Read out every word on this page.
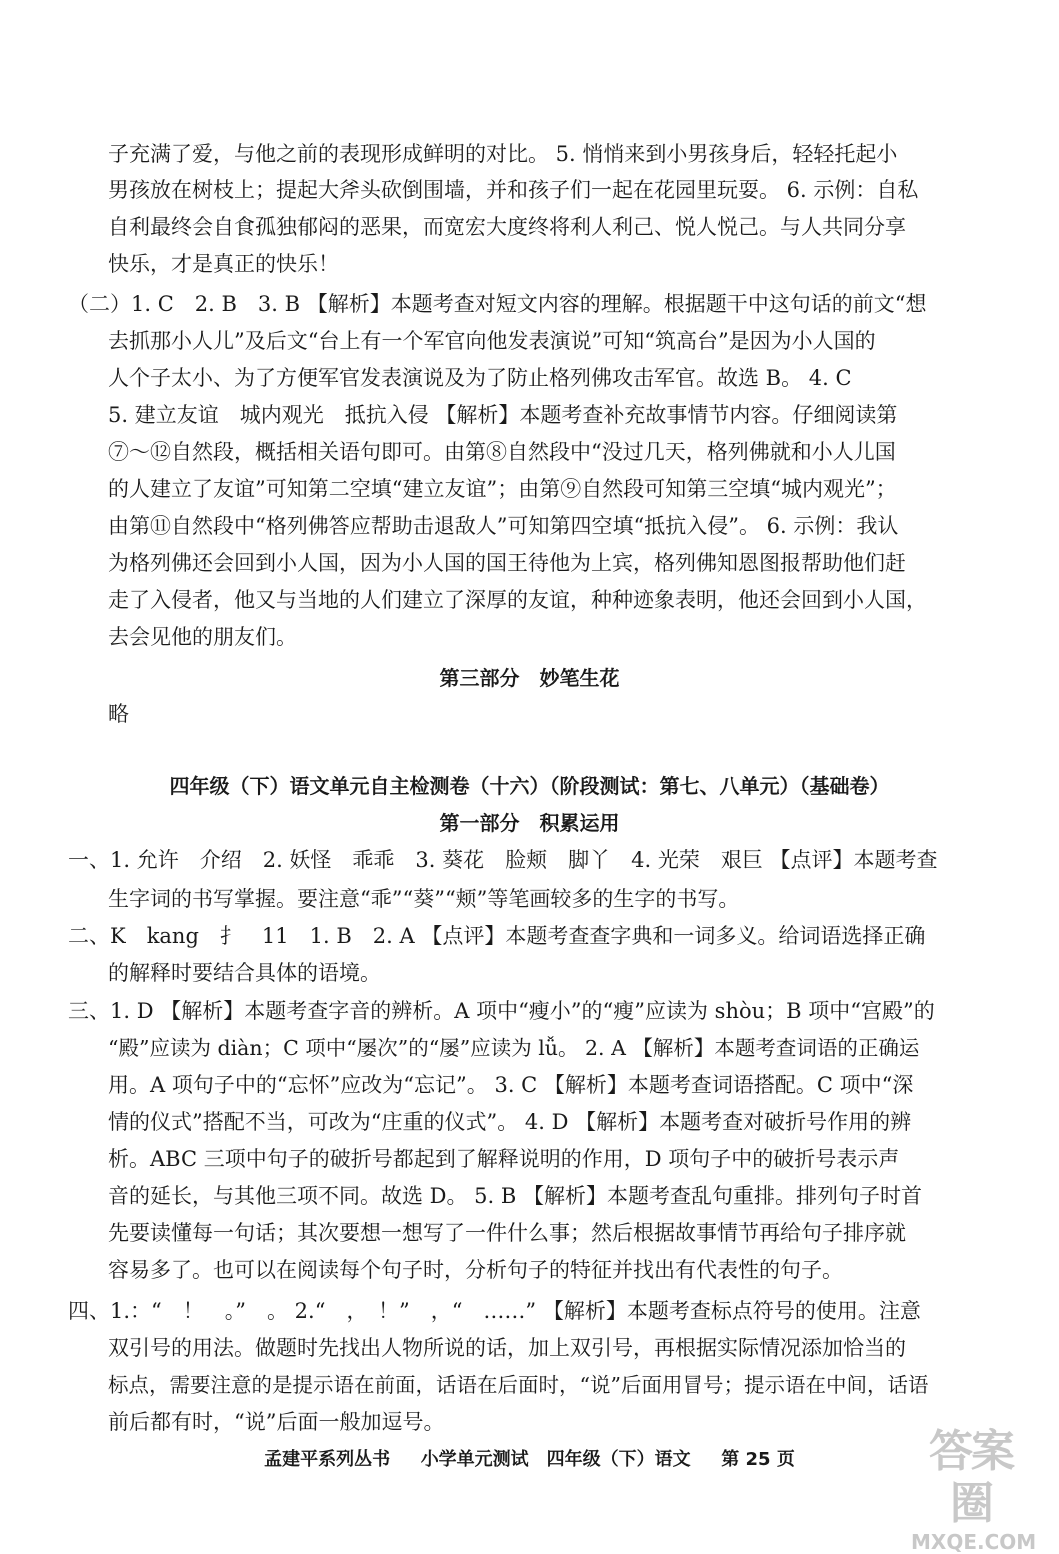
子充满了爱，与他之前的表现形成鲜明的对比。 5. 悄悄来到小男孩身后，轻轻托起小
男孩放在树枝上；提起大斧头砍倒围墙，并和孩子们一起在花园里玩耍。 6. 示例：自私
自利最终会自食孤独郁闷的恶果，而宽宏大度终将利人利己、悦人悦己。与人共同分享
快乐，才是真正的快乐！
（二）1. C　2. B　3. B 【解析】本题考查对短文内容的理解。根据题干中这句话的前文“想
去抓那小人儿”及后文“台上有一个军官向他发表演说”可知“筑高台”是因为小人国的
人个子太小、为了方便军官发表演说及为了防止格列佛攻击军官。故选 B。 4. C
5. 建立友谊　城内观光　抵抗入侵 【解析】本题考查补充故事情节内容。仔细阅读第
⑦～⑫自然段，概括相关语句即可。由第⑧自然段中“没过几天，格列佛就和小人儿国
的人建立了友谊”可知第二空填“建立友谊”；由第⑨自然段可知第三空填“城内观光”；
由第⑪自然段中“格列佛答应帮助击退敌人”可知第四空填“抵抗入侵”。 6. 示例：我认
为格列佛还会回到小人国，因为小人国的国王待他为上宾，格列佛知恩图报帮助他们赶
走了入侵者，他又与当地的人们建立了深厚的友谊，种种迹象表明，他还会回到小人国，
去会见他的朋友们。
第三部分　妙笔生花
略
四年级（下）语文单元自主检测卷（十六）（阶段测试：第七、八单元）（基础卷）
第一部分　积累运用
一、1. 允许　介绍　2. 妖怪　乖乖　3. 葵花　脸颊　脚丫　4. 光荣　艰巨 【点评】本题考查
生字词的书写掌握。要注意“乖”“葵”“颊”等笔画较多的生字的书写。
二、K　kang　扌　11　1. B　2. A 【点评】本题考查查字典和一词多义。给词语选择正确
的解释时要结合具体的语境。
三、1. D 【解析】本题考查字音的辨析。A 项中“瘦小”的“瘦”应读为 shòu；B 项中“宫殿”的
“殿”应读为 diàn；C 项中“屡次”的“屡”应读为 lǚ。 2. A 【解析】本题考查词语的正确运
用。A 项句子中的“忘怀”应改为“忘记”。 3. C 【解析】本题考查词语搭配。C 项中“深
情的仪式”搭配不当，可改为“庄重的仪式”。 4. D 【解析】本题考查对破折号作用的辨
析。ABC 三项中句子的破折号都起到了解释说明的作用，D 项句子中的破折号表示声
音的延长，与其他三项不同。故选 D。 5. B 【解析】本题考查乱句重排。排列句子时首
先要读懂每一句话；其次要想一想写了一件什么事；然后根据故事情节再给句子排序就
容易多了。也可以在阅读每个句子时，分析句子的特征并找出有代表性的句子。
四、1.：“　！　。”　。 2.“　，　！”　，“　……” 【解析】本题考查标点符号的使用。注意
双引号的用法。做题时先找出人物所说的话，加上双引号，再根据实际情况添加恰当的
标点，需要注意的是提示语在前面，话语在后面时，“说”后面用冒号；提示语在中间，话语
前后都有时，“说”后面一般加逗号。
孟建平系列丛书 　 小学单元测试　四年级（下）语文 　 第 25 页	答案圈
MXQE.COM
